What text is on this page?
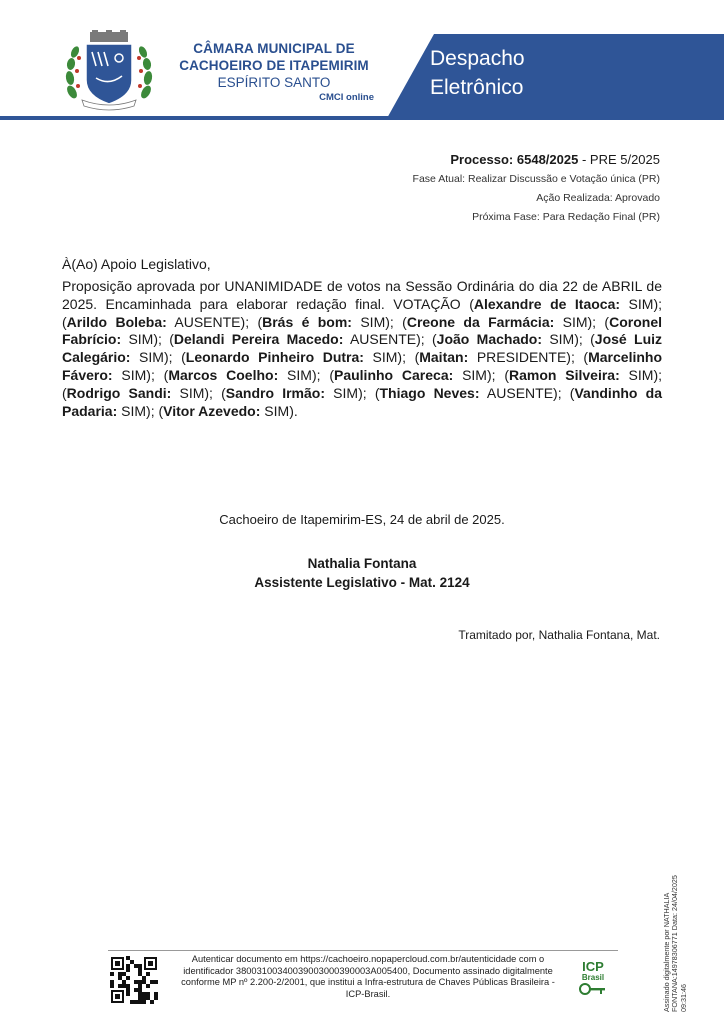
CÂMARA MUNICIPAL DE
CACHOEIRO DE ITAPEMIRIM
ESPÍRITO SANTO
CMCI online
Despacho
Eletrônico
Processo: 6548/2025 - PRE 5/2025
Fase Atual: Realizar Discussão e Votação única (PR)
Ação Realizada: Aprovado
Próxima Fase: Para Redação Final (PR)
À(Ao) Apoio Legislativo,
Proposição aprovada por UNANIMIDADE de votos na Sessão Ordinária do dia 22 de ABRIL de 2025. Encaminhada para elaborar redação final. VOTAÇÃO (Alexandre de Itaoca: SIM); (Arildo Boleba: AUSENTE); (Brás é bom: SIM); (Creone da Farmácia: SIM); (Coronel Fabrício: SIM); (Delandi Pereira Macedo: AUSENTE); (João Machado: SIM); (José Luiz Calegário: SIM); (Leonardo Pinheiro Dutra: SIM); (Maitan: PRESIDENTE); (Marcelinho Fávero: SIM); (Marcos Coelho: SIM); (Paulinho Careca: SIM); (Ramon Silveira: SIM); (Rodrigo Sandi: SIM); (Sandro Irmão: SIM); (Thiago Neves: AUSENTE); (Vandinho da Padaria: SIM); (Vitor Azevedo: SIM).
Cachoeiro de Itapemirim-ES, 24 de abril de 2025.
Nathalia Fontana
Assistente Legislativo - Mat. 2124
Tramitado por, Nathalia Fontana, Mat.
Autenticar documento em https://cachoeiro.nopapercloud.com.br/autenticidade com o identificador 38003100340039003000390003A005400, Documento assinado digitalmente conforme MP nº 2.200-2/2001, que institui a Infra-estrutura de Chaves Públicas Brasileira - ICP-Brasil.
ICP
Brasil	Assinado digitalmente por NATHALIA FONTANA:14978306771 Data: 24/04/2025 09:31:46
